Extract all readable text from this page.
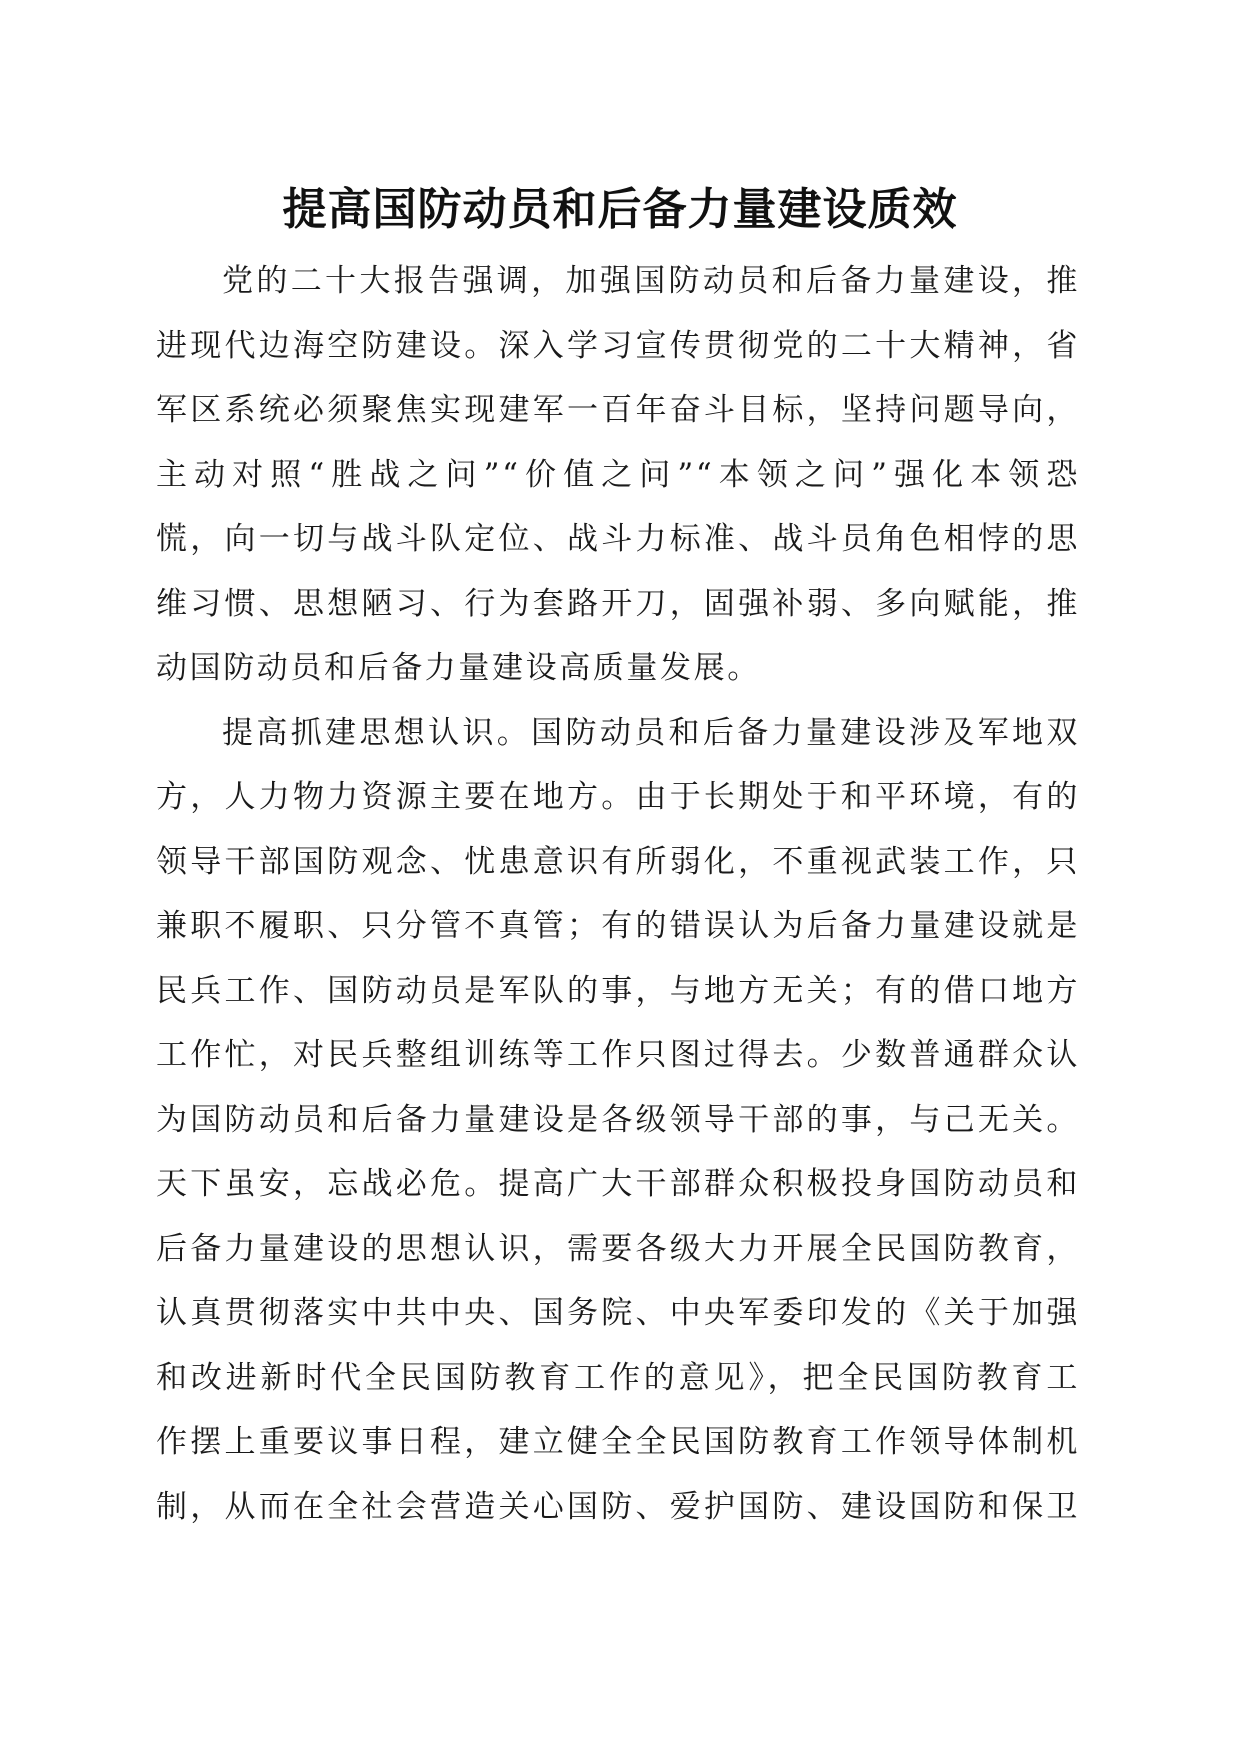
提高国防动员和后备力量建设质效
党的二十大报告强调，加强国防动员和后备力量建设，推
进现代边海空防建设。深入学习宣传贯彻党的二十大精神，省
军区系统必须聚焦实现建军一百年奋斗目标，坚持问题导向，
主动对照“胜战之问”“价值之问”“本领之问”强化本领恐
慌，向一切与战斗队定位、战斗力标准、战斗员角色相悖的思
维习惯、思想陋习、行为套路开刀，固强补弱、多向赋能，推
动国防动员和后备力量建设高质量发展。
提高抓建思想认识。国防动员和后备力量建设涉及军地双
方，人力物力资源主要在地方。由于长期处于和平环境，有的
领导干部国防观念、忧患意识有所弱化，不重视武装工作，只
兼职不履职、只分管不真管；有的错误认为后备力量建设就是
民兵工作、国防动员是军队的事，与地方无关；有的借口地方
工作忙，对民兵整组训练等工作只图过得去。少数普通群众认
为国防动员和后备力量建设是各级领导干部的事，与己无关。
天下虽安，忘战必危。提高广大干部群众积极投身国防动员和
后备力量建设的思想认识，需要各级大力开展全民国防教育，
认真贯彻落实中共中央、国务院、中央军委印发的《关于加强
和改进新时代全民国防教育工作的意见》，把全民国防教育工
作摆上重要议事日程，建立健全全民国防教育工作领导体制机
制，从而在全社会营造关心国防、爱护国防、建设国防和保卫
